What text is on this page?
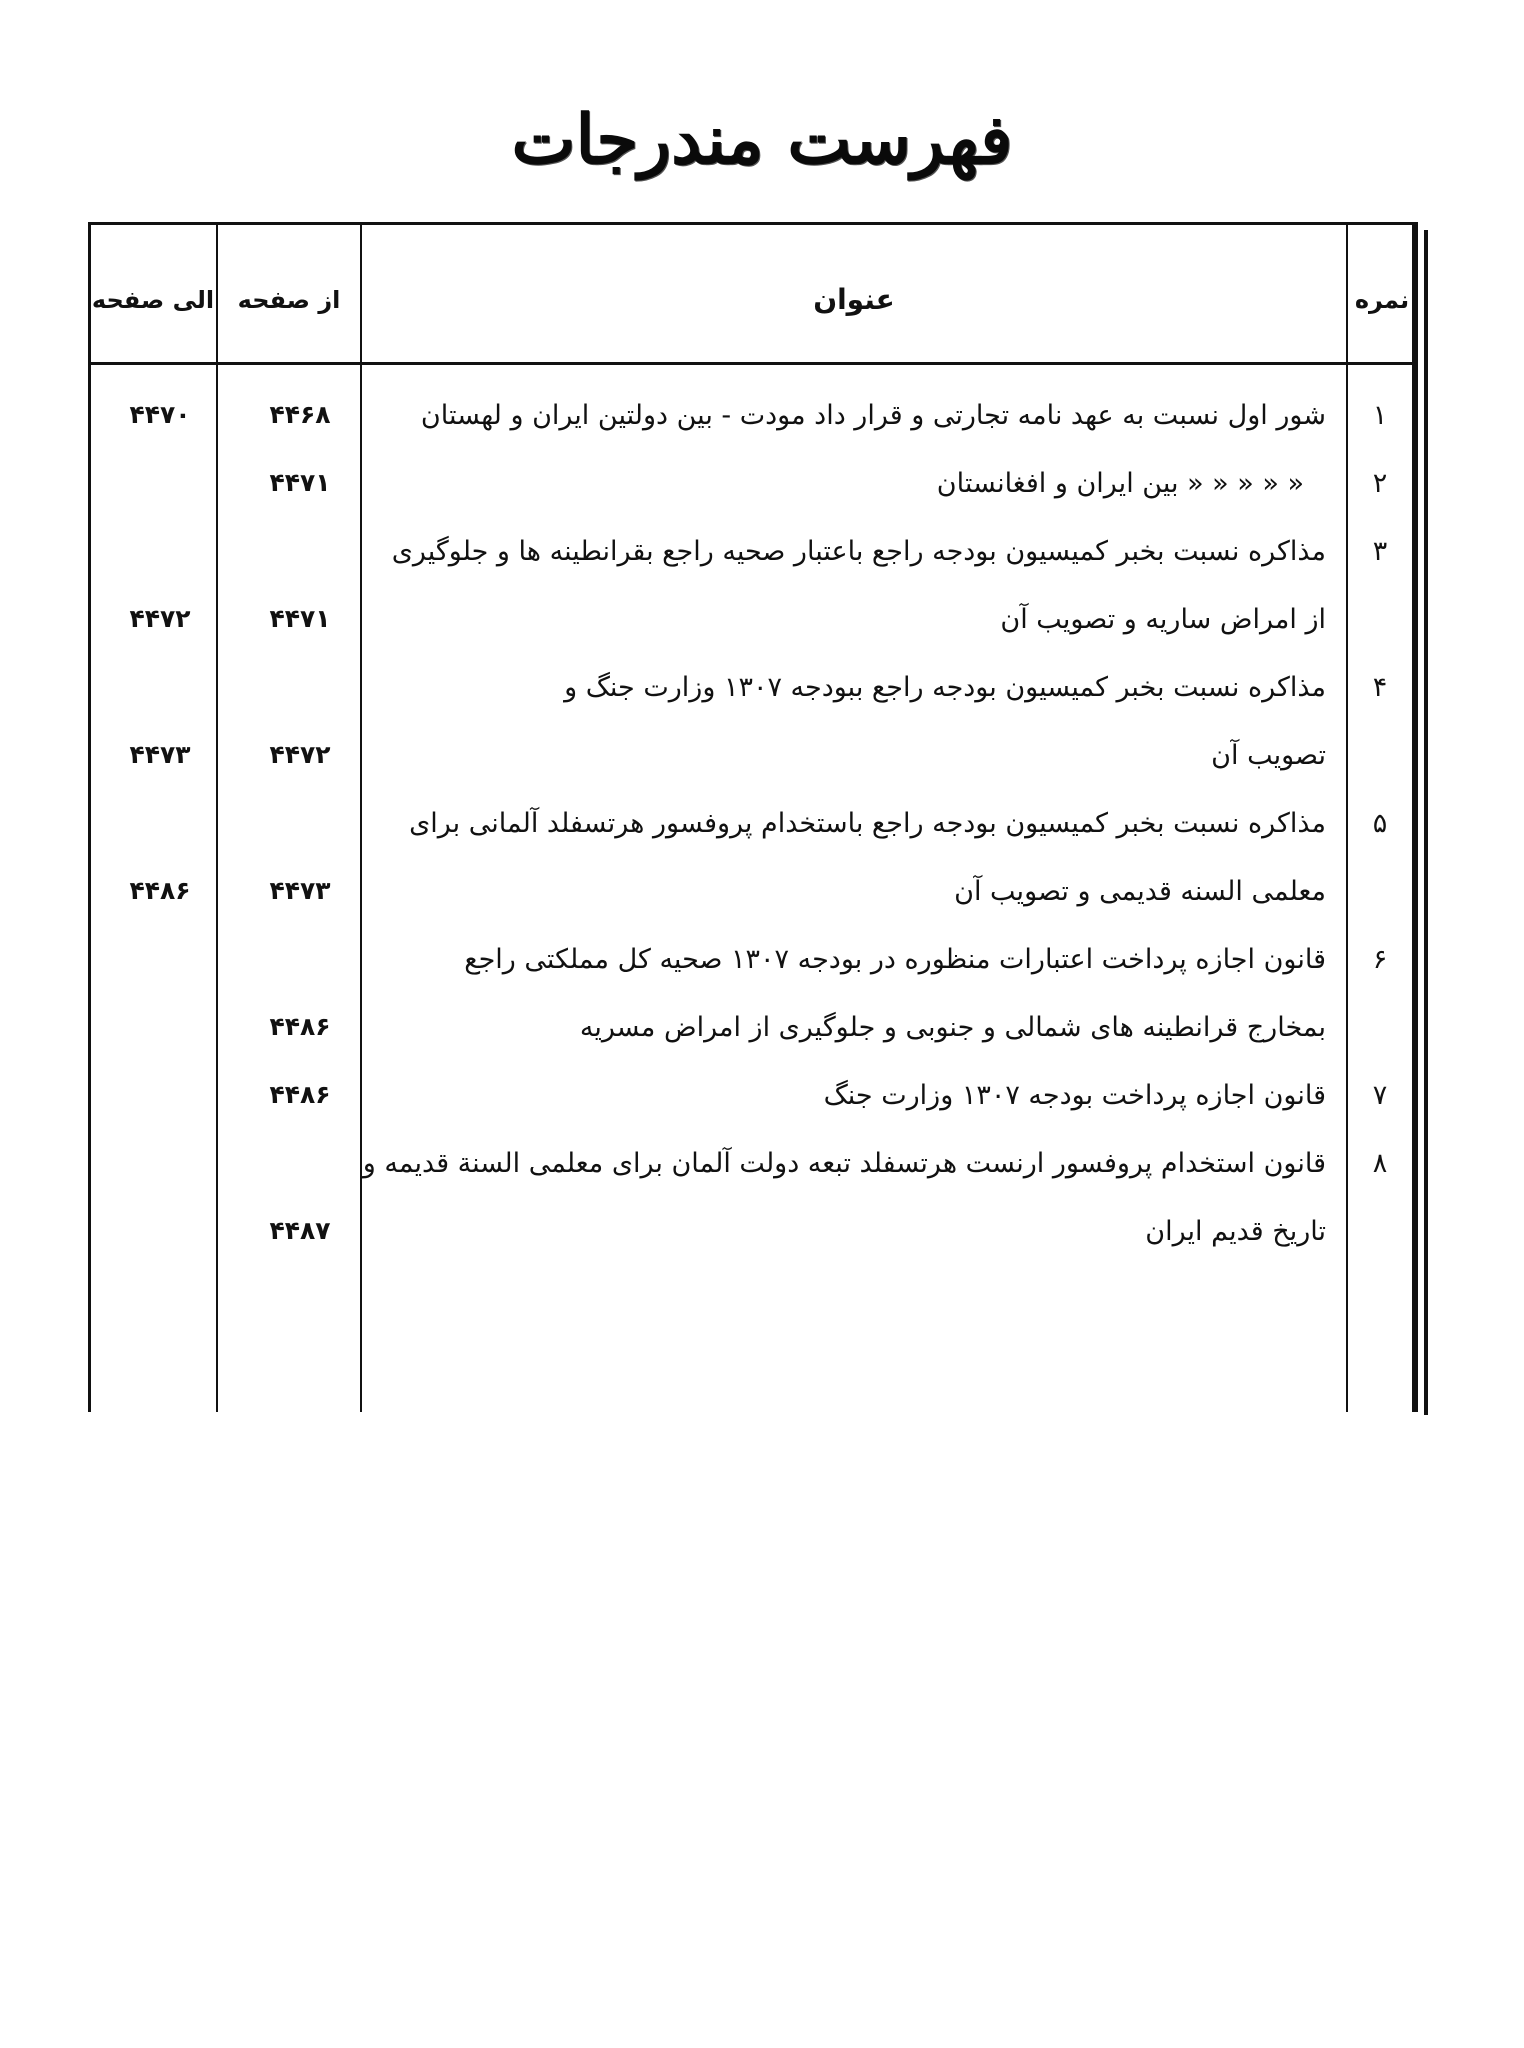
فهرست مندرجات
نمره
عنوان
از صفحه
الی صفحه
۱
شور اول نسبت به عهد نامه تجارتی و قرار داد مودت - بین دولتین ایران و لهستان
۴۴۶۸
۴۴۷۰
۲
« « « « « بین ایران و افغانستان
۴۴۷۱
۳
مذاکره نسبت بخبر کمیسیون بودجه راجع باعتبار صحیه راجع بقرانطینه ها و جلوگیری
از امراض ساریه و تصویب آن
۴۴۷۱
۴۴۷۲
۴
مذاکره نسبت بخبر کمیسیون بودجه راجع ببودجه ۱۳۰۷ وزارت جنگ و
تصویب آن
۴۴۷۲
۴۴۷۳
۵
مذاکره نسبت بخبر کمیسیون بودجه راجع باستخدام پروفسور هرتسفلد آلمانی برای
معلمی السنه قدیمی و تصویب آن
۴۴۷۳
۴۴۸۶
۶
قانون اجازه پرداخت اعتبارات منظوره در بودجه ۱۳۰۷ صحیه کل مملکتی راجع
بمخارج قرانطینه های شمالی و جنوبی و جلوگیری از امراض مسریه
۴۴۸۶
۷
قانون اجازه پرداخت بودجه ۱۳۰۷ وزارت جنگ
۴۴۸۶
۸
قانون استخدام پروفسور ارنست هرتسفلد تبعه دولت آلمان برای معلمی السنة قدیمه و
تاریخ قدیم ایران
۴۴۸۷
